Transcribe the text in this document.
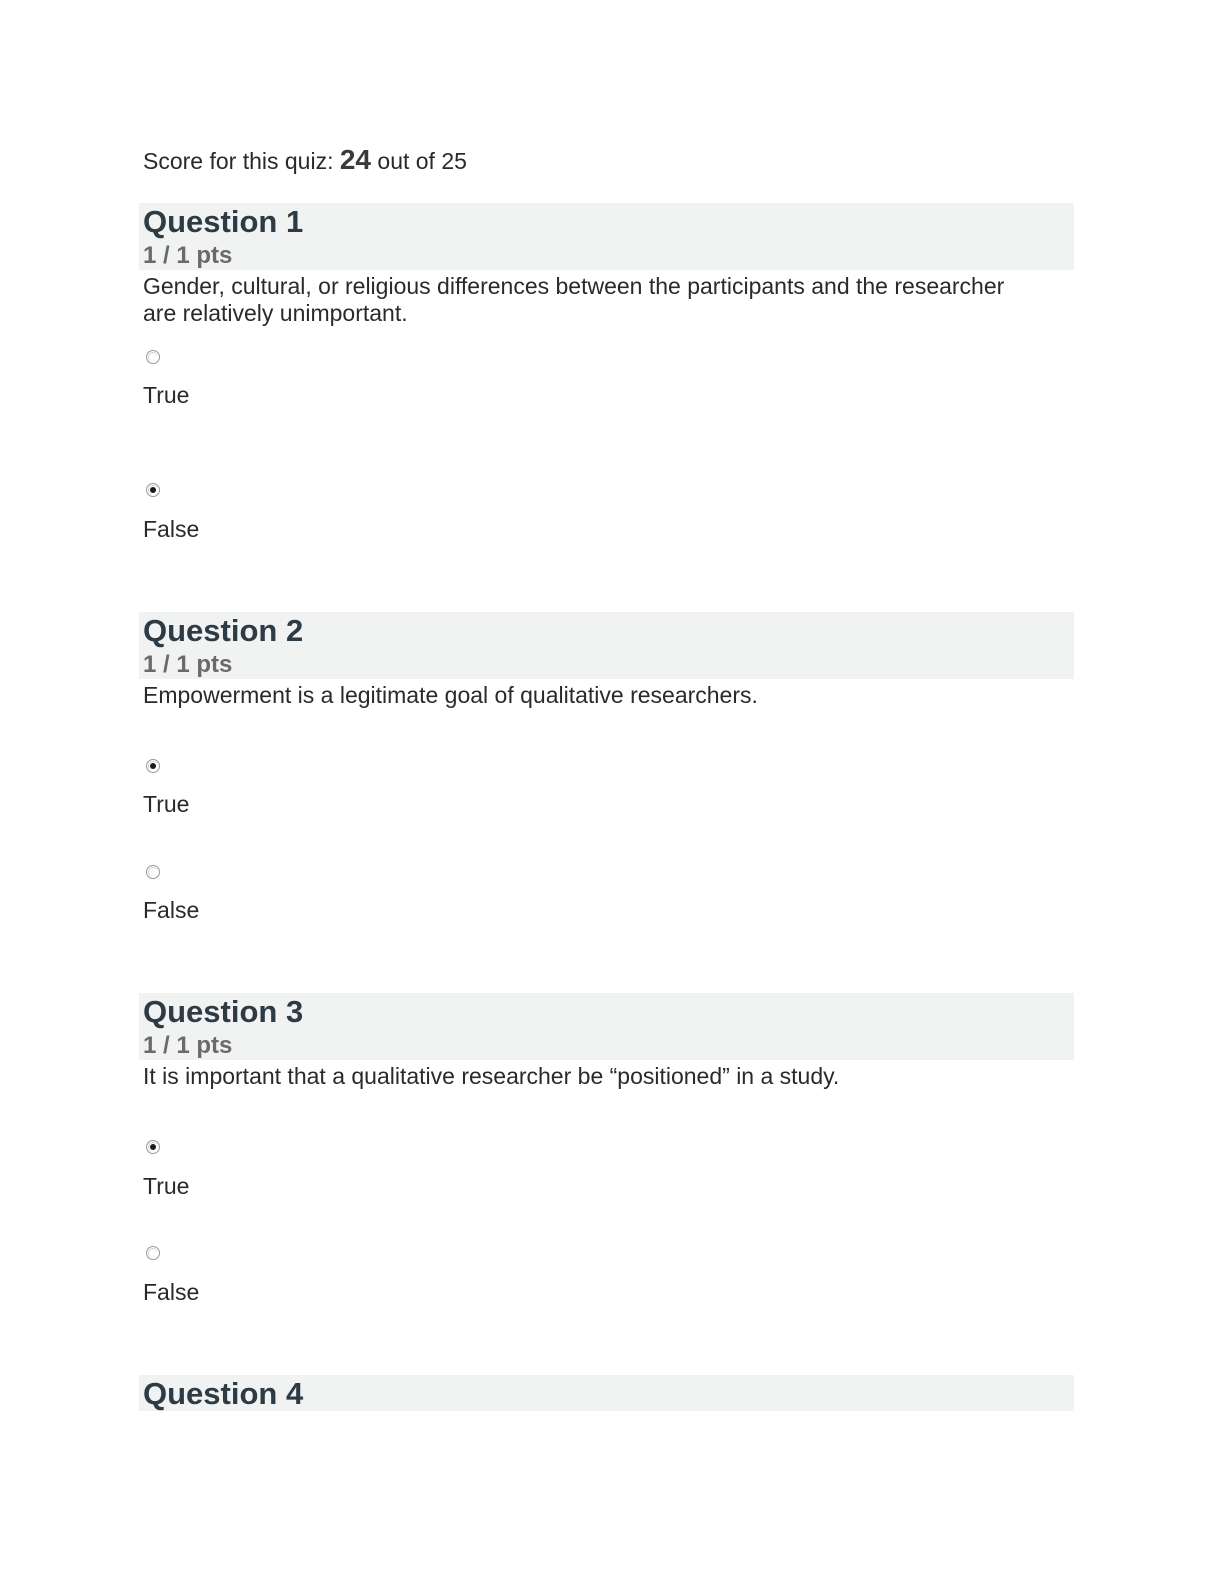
Score for this quiz: 24 out of 25
Question 1
1 / 1 pts
Gender, cultural, or religious differences between the participants and the researcher are relatively unimportant.
True
False
Question 2
1 / 1 pts
Empowerment is a legitimate goal of qualitative researchers.
True
False
Question 3
1 / 1 pts
It is important that a qualitative researcher be “positioned” in a study.
True
False
Question 4
